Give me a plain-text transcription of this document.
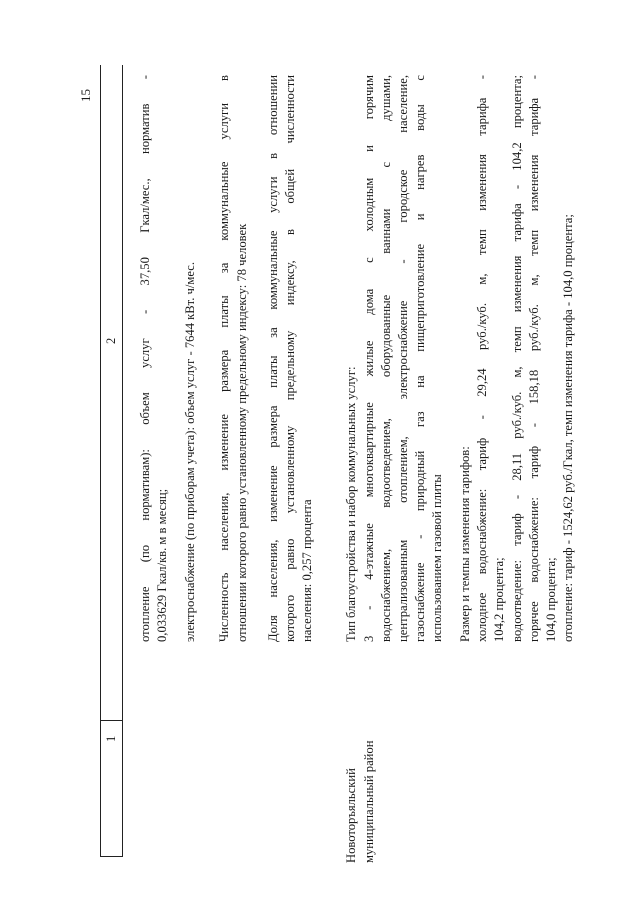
15
1
2
Новоторъяльский муниципальный район
отопление (по нормативам): объем услуг - 37,50 Гкал/мес., норматив - 0,033629 Гкал/кв. м в месяц; электроснабжение (по приборам учета): объем услуг - 7644 кВт. ч/мес. Численность населения, изменение размера платы за коммунальные услуги в отношении которого равно установленному предельному индексу: 78 человек Доля населения, изменение размера платы за коммунальные услуги в отношении которого равно установленному предельному индексу, в общей численности населения: 0,257 процента Тип благоустройства и набор коммунальных услуг: 3 - 4-этажные многоквартирные жилые дома с холодным и горячим водоснабжением, водоотведением, оборудованные ваннами с душами, централизованным отоплением, электроснабжение - городское население, газоснабжение - природный газ на пищеприготовление и нагрев воды с использованием газовой плиты Размер и темпы изменения тарифов: холодное водоснабжение: тариф - 29,24 руб./куб. м, темп изменения тарифа - 104,2 процента; водоотведение: тариф - 28,11 руб./куб. м, темп изменения тарифа - 104,2 процента; горячее водоснабжение: тариф - 158,18 руб./куб. м, темп изменения тарифа - 104,0 процента; отопление: тариф - 1524,62 руб./Гкал, темп изменения тарифа - 104,0 процента;
